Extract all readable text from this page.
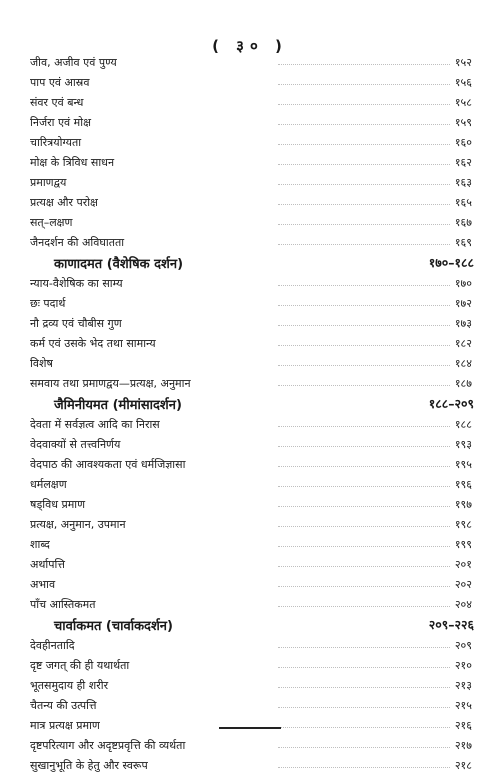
( ३० )
जीव, अजीव एवं पुण्य	१५२
पाप एवं आस्रव	१५६
संवर एवं बन्ध	१५८
निर्जरा एवं मोक्ष	१५९
चारित्रयोग्यता	१६०
मोक्ष के त्रिविध साधन	१६२
प्रमाणद्वय	१६३
प्रत्यक्ष और परोक्ष	१६५
सत्–लक्षण	१६७
जैनदर्शन की अविघातता	१६९
काणादमत (वैशेषिक दर्शन)	१७०–१८८
न्याय-वैशेषिक का साम्य	१७०
छः पदार्थ	१७२
नौ द्रव्य एवं चौबीस गुण	१७३
कर्म एवं उसके भेद तथा सामान्य	१८२
विशेष	१८४
समवाय तथा प्रमाणद्वय—प्रत्यक्ष, अनुमान	१८७
जैमिनीयमत (मीमांसादर्शन)	१८८–२०९
देवता में सर्वज्ञत्व आदि का निरास	१८८
वेदवाक्यों से तत्त्वनिर्णय	१९३
वेदपाठ की आवश्यकता एवं धर्मजिज्ञासा	१९५
धर्मलक्षण	१९६
षड्विध प्रमाण	१९७
प्रत्यक्ष, अनुमान, उपमान	१९८
शाब्द	१९९
अर्थापत्ति	२०१
अभाव	२०२
पाँच आस्तिकमत	२०४
चार्वाकमत (चार्वाकदर्शन)	२०९–२२६
देवहीनतादि	२०९
दृष्ट जगत् की ही यथार्थता	२१०
भूतसमुदाय ही शरीर	२१३
चैतन्य की उत्पत्ति	२१५
मात्र प्रत्यक्ष प्रमाण	२१६
दृष्टपरित्याग और अदृष्टप्रवृत्ति की व्यर्थता	२१७
सुखानुभूति के हेतु और स्वरूप	२१८
